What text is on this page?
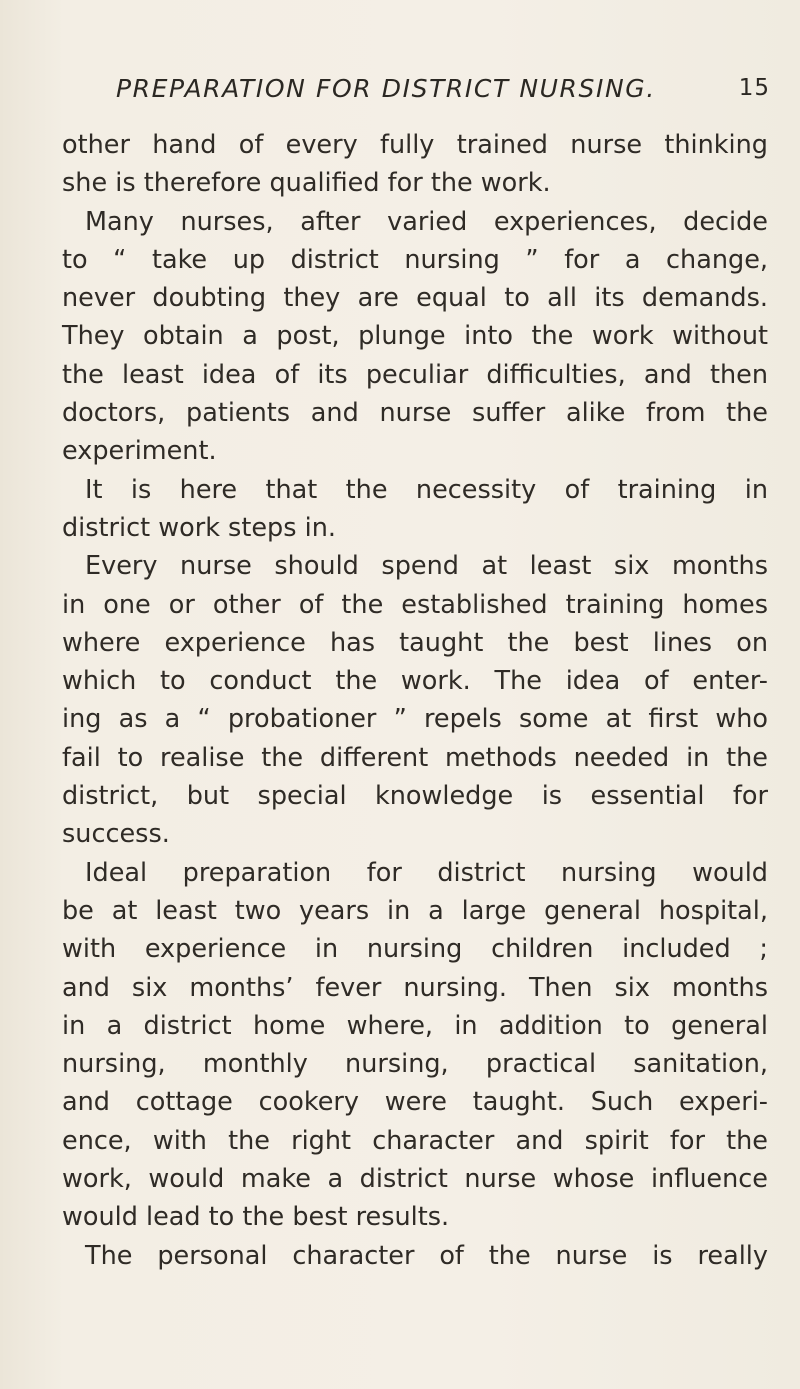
PREPARATION FOR DISTRICT NURSING.	15
other hand of every fully trained nurse thinking
she is therefore qualified for the work.
Many nurses, after varied experiences, decide
to “ take up district nursing ” for a change,
never doubting they are equal to all its demands.
They obtain a post, plunge into the work without
the least idea of its peculiar difficulties, and then
doctors, patients and nurse suffer alike from the
experiment.
It is here that the necessity of training in
district work steps in.
Every nurse should spend at least six months
in one or other of the established training homes
where experience has taught the best lines on
which to conduct the work. The idea of enter-
ing as a “ probationer ” repels some at first who
fail to realise the different methods needed in the
district, but special knowledge is essential for
success.
Ideal preparation for district nursing would
be at least two years in a large general hospital,
with experience in nursing children included ;
and six months’ fever nursing. Then six months
in a district home where, in addition to general
nursing, monthly nursing, practical sanitation,
and cottage cookery were taught. Such experi-
ence, with the right character and spirit for the
work, would make a district nurse whose influence
would lead to the best results.
The personal character of the nurse is really
